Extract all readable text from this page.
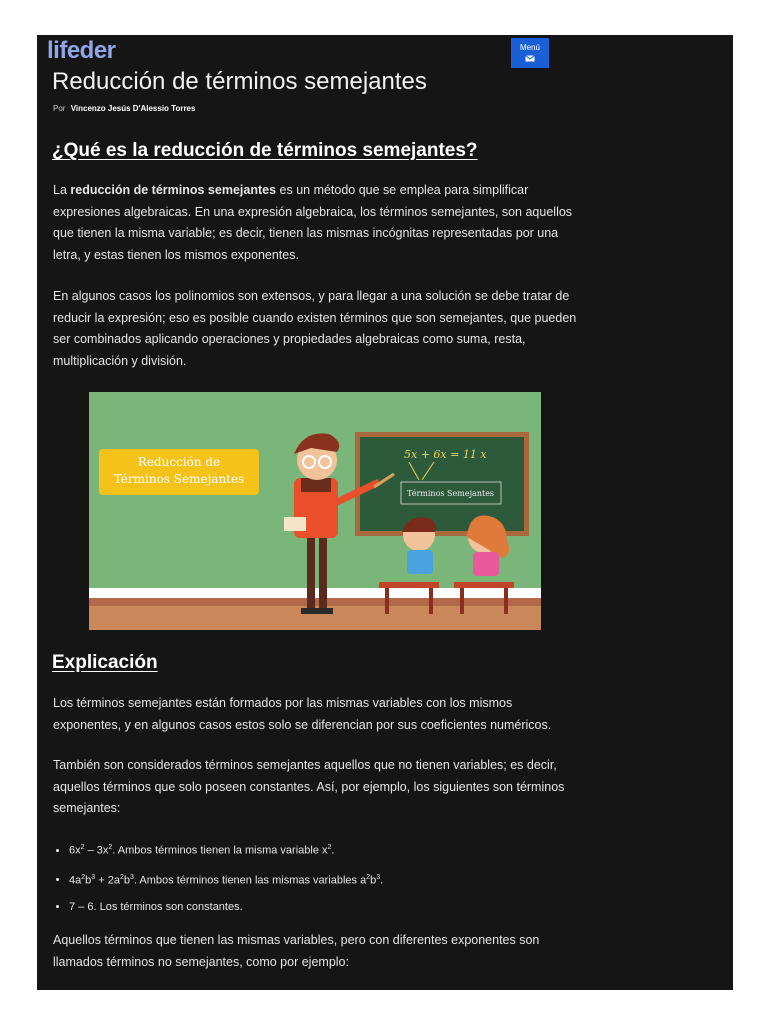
lifeder	Menú
Reducción de términos semejantes
Por Vincenzo Jesús D'Alessio Torres
¿Qué es la reducción de términos semejantes?

La reducción de términos semejantes es un método que se emplea para simplificar expresiones algebraicas. En una expresión algebraica, los términos semejantes, son aquellos que tienen la misma variable; es decir, tienen las mismas incógnitas representadas por una letra, y estas tienen los mismos exponentes.

En algunos casos los polinomios son extensos, y para llegar a una solución se debe tratar de reducir la expresión; eso es posible cuando existen términos que son semejantes, que pueden ser combinados aplicando operaciones y propiedades algebraicas como suma, resta, multiplicación y división.

5x + 6x = 11 x
Términos Semejantes
Reducción de
Términos Semejantes
Explicación

Los términos semejantes están formados por las mismas variables con los mismos exponentes, y en algunos casos estos solo se diferencian por sus coeficientes numéricos.

También son considerados términos semejantes aquellos que no tienen variables; es decir, aquellos términos que solo poseen constantes. Así, por ejemplo, los siguientes son términos semejantes:

• $6x^2 - 3x^2$. Ambos términos tienen la misma variable $x^2$.
• $4a^2b^3 + 2a^2b^3$. Ambos términos tienen las mismas variables $a^2b^3$.
• 7 – 6. Los términos son constantes.

Aquellos términos que tienen las mismas variables, pero con diferentes exponentes son llamados términos no semejantes, como por ejemplo:
